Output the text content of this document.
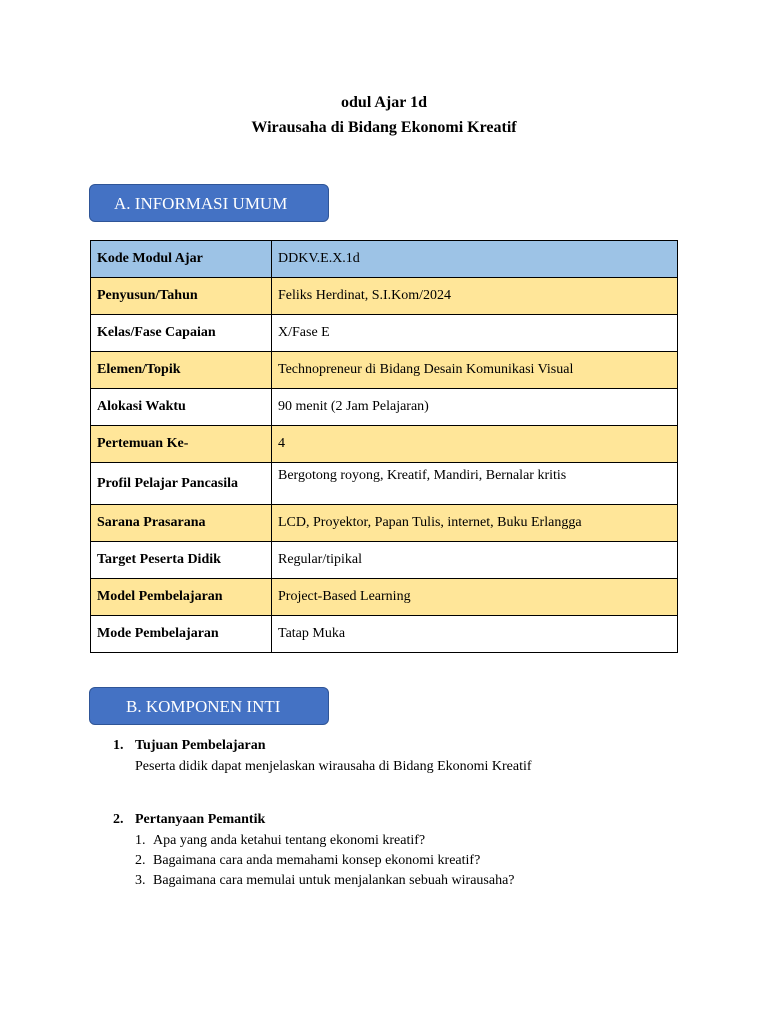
odul Ajar 1d
Wirausaha di Bidang Ekonomi Kreatif
A. INFORMASI UMUM
Kode Modul Ajar	DDKV.E.X.1d
Penyusun/Tahun	Feliks Herdinat, S.I.Kom/2024
Kelas/Fase Capaian	X/Fase E
Elemen/Topik	Technopreneur di Bidang Desain Komunikasi Visual
Alokasi Waktu	90 menit (2 Jam Pelajaran)
Pertemuan Ke-	4
Profil Pelajar Pancasila	Bergotong royong, Kreatif, Mandiri, Bernalar kritis
Sarana Prasarana	LCD, Proyektor, Papan Tulis, internet, Buku Erlangga
Target Peserta Didik	Regular/tipikal
Model Pembelajaran	Project-Based Learning
Mode Pembelajaran	Tatap Muka
B. KOMPONEN INTI
1. Tujuan Pembelajaran
Peserta didik dapat menjelaskan wirausaha di Bidang Ekonomi Kreatif
2. Pertanyaan Pemantik
1. Apa yang anda ketahui tentang ekonomi kreatif?
2. Bagaimana cara anda memahami konsep ekonomi kreatif?
3. Bagaimana cara memulai untuk menjalankan sebuah wirausaha?
